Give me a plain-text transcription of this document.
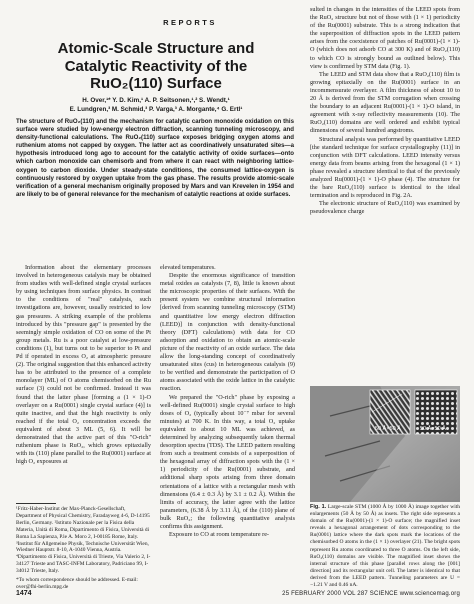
REPORTS
Atomic-Scale Structure and
Catalytic Reactivity of the
RuO₂(110) Surface
H. Over,¹* Y. D. Kim,¹ A. P. Seitsonen,¹,² S. Wendt,¹
E. Lundgren,³ M. Schmid,³ P. Varga,³ A. Morgante,⁴ G. Ertl¹
The structure of RuO₂(110) and the mechanism for catalytic carbon monoxide oxidation on this surface were studied by low-energy electron diffraction, scanning tunneling microscopy, and density-functional calculations. The RuO₂(110) surface exposes bridging oxygen atoms and ruthenium atoms not capped by oxygen. The latter act as coordinatively unsaturated sites—a hypothesis introduced long ago to account for the catalytic activity of oxide surfaces—onto which carbon monoxide can chemisorb and from where it can react with neighboring lattice-oxygen to carbon dioxide. Under steady-state conditions, the consumed lattice-oxygen is continuously restored by oxygen uptake from the gas phase. The results provide atomic-scale verification of a general mechanism originally proposed by Mars and van Krevelen in 1954 and are likely to be of general relevance for the mechanism of catalytic reactions at oxide surfaces.

Information about the elementary processes involved in heterogeneous catalysis may be obtained from studies with well-defined single crystal surfaces by using techniques from surface physics. In contrast to the conditions of "real" catalysis, such investigations are, however, usually restricted to low gas pressures. A striking example of the problems introduced by this "pressure gap" is presented by the seemingly simple oxidation of CO on some of the Pt group metals. Ru is a poor catalyst at low-pressure conditions (1), but turns out to be superior to Pt and Pd if operated in excess O₂ at atmospheric pressure (2). The original suggestion that this enhanced activity has to be attributed to the presence of a complete monolayer (ML) of O atoms chemisorbed on the Ru surface (3) could not be confirmed. Instead it was found that the latter phase [forming a (1 × 1)-O overlayer on a Ru(0001) single crystal surface (4)] is quite inactive, and that the high reactivity is only reached if the total O₂ concentration exceeds the equivalent of about 3 ML (5, 6). It will be demonstrated that the active part of this "O-rich" ruthenium phase is RuO₂, which grows epitaxially with its (110) plane parallel to the Ru(0001) surface at high O₂ exposures at

elevated temperatures.

Despite the enormous significance of transition metal oxides as catalysts (7, 8), little is known about the microscopic properties of their surfaces. With the present system we combine structural information [derived from scanning tunneling microscopy (STM) and quantitative low energy electron diffraction (LEED)] in conjunction with density-functional theory (DFT) calculations) with data for CO adsorption and oxidation to obtain an atomic-scale picture of the reactivity of an oxide surface. The data allow the long-standing concept of coordinatively unsaturated sites (cus) in heterogeneous catalysis (9) to be verified and demonstrate the participation of O atoms associated with the oxide lattice in the catalytic reaction.

We prepared the "O-rich" phase by exposing a well-defined Ru(0001) single crystal surface to high doses of O₂ (typically about 10⁻⁷ mbar for several minutes) at 700 K. In this way, a total O₂ uptake equivalent to about 10 ML was achieved, as determined by analyzing subsequently taken thermal desorption spectra (TDS). The LEED pattern resulting from such a treatment consists of a superposition of the hexagonal array of diffraction spots with the (1 × 1) periodicity of the Ru(0001) substrate, and additional sharp spots arising from three domain orientations of a lattice with a rectangular mesh with dimensions (6.4 ± 0.3 Å) by 3.1 ± 0.2 Å). Within the limits of accuracy, the latter agree with the lattice parameters, (6.38 Å by 3.11 Å), of the (110) plane of bulk RuO₂; the following quantitative analysis confirms this assignment.

Exposure to CO at room temperature re-

sulted in changes in the intensities of the LEED spots from the RuO₂ structure but not of those with (1 × 1) periodicity of the Ru(0001) substrate. This is a strong indication that the superposition of diffraction spots in the LEED pattern arises from the coexistence of patches of Ru(0001)-(1 × 1)-O (which does not adsorb CO at 300 K) and of RuO₂(110) to which CO is strongly bound as outlined below). This view is confirmed by STM data (Fig. 1).

The LEED and STM data show that a RuO₂(110) film is growing epitaxially on the Ru(0001) surface in an incommensurate overlayer. A film thickness of about 10 to 20 Å is derived from the STM corrugation when crossing the boundary to an adjacent Ru(0001)-(1 × 1)-O island, in agreement with x-ray reflectivity measurements (10). The RuO₂(110) domains are well ordered and exhibit typical dimensions of several hundred angstroms.

Structural analysis was performed by quantitative LEED [the standard technique for surface crystallography (11)] in conjunction with DFT calculations. LEED intensity versus energy data from beams arising from the hexagonal (1 × 1) phase revealed a structure identical to that of the previously analyzed Ru(0001)-(1 × 1)-O phase (4). The structure for the bare RuO₂(110) surface is identical to the ideal termination and is reproduced in Fig. 2A.

The electronic structure of RuO₂(110) was examined by pseudovalence charge

¹Fritz-Haber-Institut der Max-Planck-Gesellschaft, Department of Physical Chemistry, Faradayweg 4-6, D-14195 Berlin, Germany. ²Istituto Nazionale per la Fisica della Materia, Unità di Roma, Dipartimento di Fisica, Università di Roma La Sapienza, P.le A. Moro 2, I-00185 Rome, Italy. ³Institut für Allgemeine Physik, Technische Universität Wien, Wiedner Hauptstr. 8-10, A-1040 Vienna, Austria. ⁴Dipartimento di Fisica, Università di Trieste, Via Valerio 2, I-34127 Trieste and TASC-INFM Laboratory, Padriciano 99, I-34012 Trieste, Italy.

*To whom correspondence should be addressed. E-mail: over@fhi-berlin.mpg.de

50 Å×50 Å	50 Å×50 Å
Fig. 1. Large-scale STM (1000 Å by 1000 Å) image together with enlargements (50 Å by 50 Å) as insets. The right side represents a domain of the Ru(0001)-(1 × 1)-O surface; the magnified inset reveals a hexagonal arrangement of dots corresponding to the Ru(0001) lattice where the dark spots mark the locations of the chemisorbed O atoms in the (1 × 1) overlayer (21). The bright spots represent Ru atoms coordinated to three O atoms. On the left side, RuO₂(110) domains are visible. The magnified inset shows the internal structure of this phase [parallel rows along the [001] direction] and its rectangular unit cell. The latter is identical to that derived from the LEED pattern. Tunneling parameters are U = −1.21 V and 0.46 nA.
1474	25 FEBRUARY 2000 VOL 287 SCIENCE www.sciencemag.org
